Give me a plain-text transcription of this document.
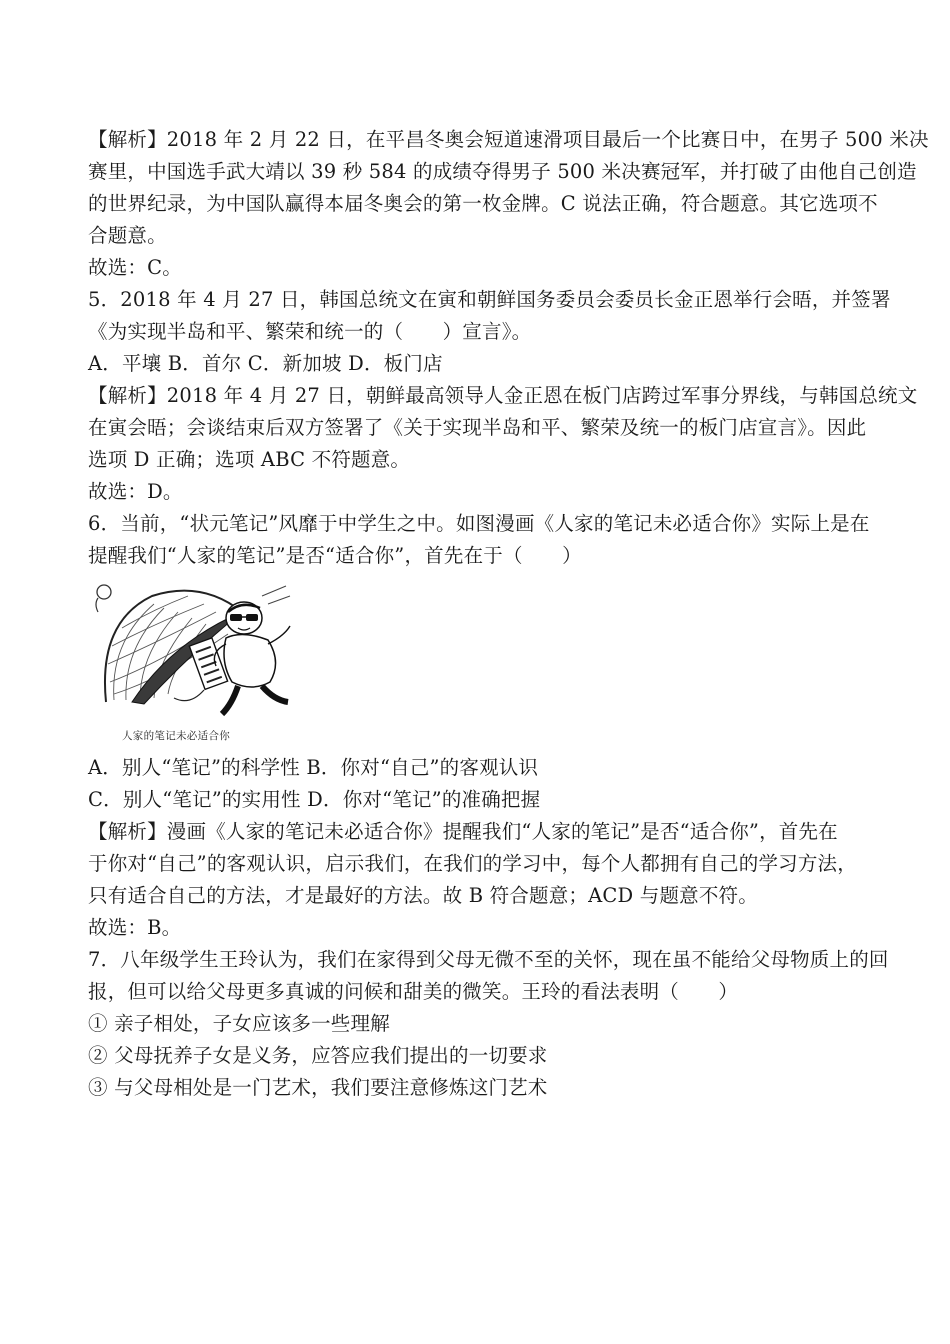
【解析】2018 年 2 月 22 日，在平昌冬奥会短道速滑项目最后一个比赛日中，在男子 500 米决
赛里，中国选手武大靖以 39 秒 584 的成绩夺得男子 500 米决赛冠军，并打破了由他自己创造
的世界纪录，为中国队赢得本届冬奥会的第一枚金牌。C 说法正确，符合题意。其它选项不
合题意。
故选：C。
5．2018 年 4 月 27 日，韩国总统文在寅和朝鲜国务委员会委员长金正恩举行会晤，并签署
《为实现半岛和平、繁荣和统一的（　　）宣言》。
A．平壤 B．首尔 C．新加坡 D．板门店
【解析】2018 年 4 月 27 日，朝鲜最高领导人金正恩在板门店跨过军事分界线，与韩国总统文
在寅会晤；会谈结束后双方签署了《关于实现半岛和平、繁荣及统一的板门店宣言》。因此
选项 D 正确；选项 ABC 不符题意。
故选：D。
6．当前，“状元笔记”风靡于中学生之中。如图漫画《人家的笔记未必适合你》实际上是在
提醒我们“人家的笔记”是否“适合你”，首先在于（　　）
人家的笔记未必适合你
A．别人“笔记”的科学性 B．你对“自己”的客观认识
C．别人“笔记”的实用性 D．你对“笔记”的准确把握
【解析】漫画《人家的笔记未必适合你》提醒我们“人家的笔记”是否“适合你”，首先在
于你对“自己”的客观认识，启示我们，在我们的学习中，每个人都拥有自己的学习方法，
只有适合自己的方法，才是最好的方法。故 B 符合题意；ACD 与题意不符。
故选：B。
7．八年级学生王玲认为，我们在家得到父母无微不至的关怀，现在虽不能给父母物质上的回
报，但可以给父母更多真诚的问候和甜美的微笑。王玲的看法表明（　　）
① 亲子相处，子女应该多一些理解
② 父母抚养子女是义务，应答应我们提出的一切要求
③ 与父母相处是一门艺术，我们要注意修炼这门艺术
